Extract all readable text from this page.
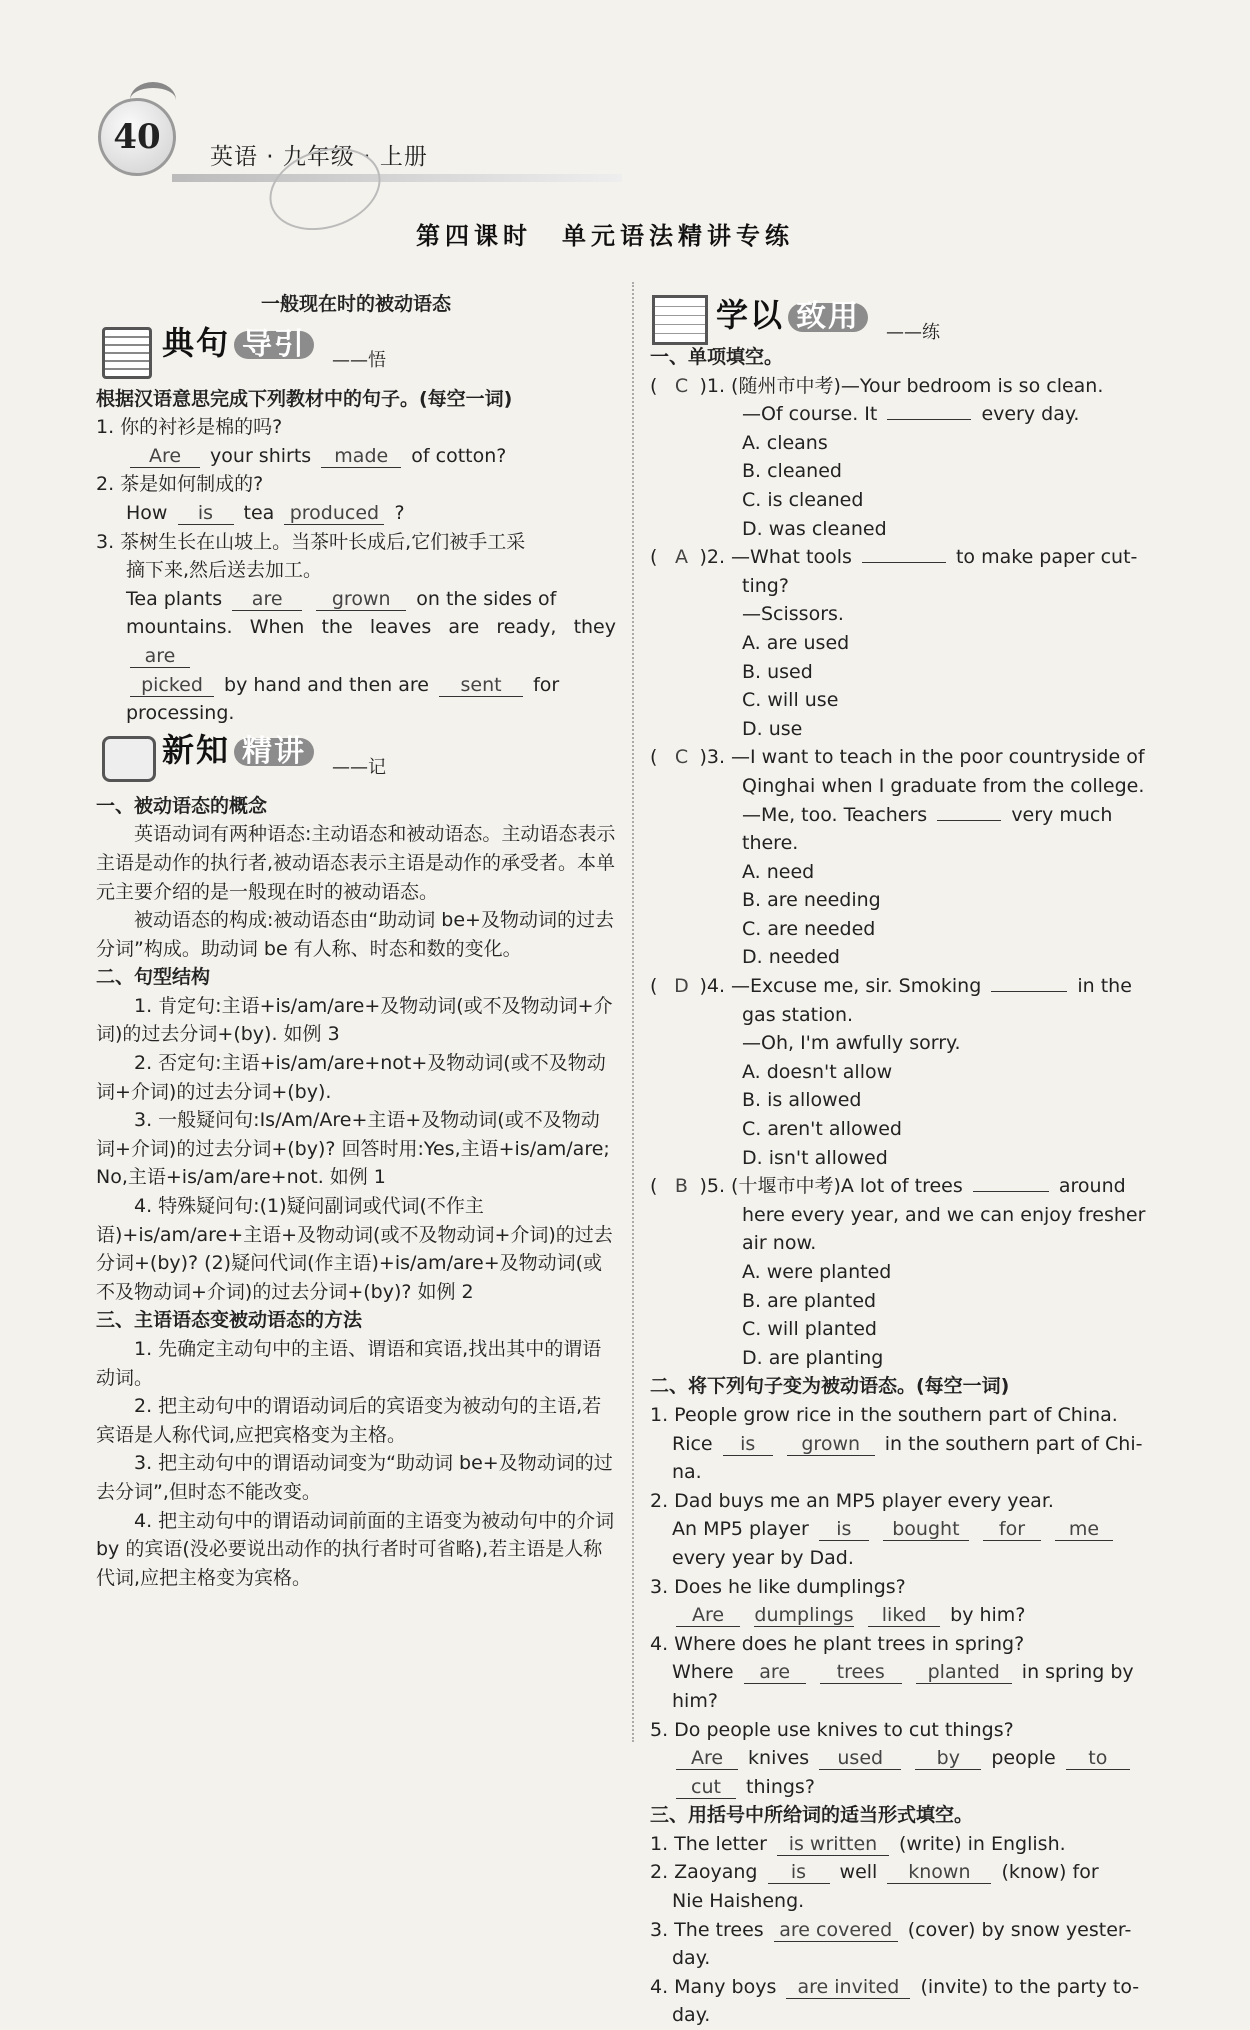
40	英语 · 九年级 · 上册
第四课时 单元语法精讲专练
一般现在时的被动语态
典句 导引	——悟
根据汉语意思完成下列教材中的句子。(每空一词)
1. 你的衬衫是棉的吗?
Are your shirts made of cotton?
2. 茶是如何制成的?
How is tea produced ?
3. 茶树生长在山坡上。当茶叶长成后,它们被手工采
摘下来,然后送去加工。
Tea plants are	grown on the sides of
mountains. When the leaves are ready, they are
picked by hand and then are sent for
processing.
新知 精讲	——记
一、被动语态的概念
英语动词有两种语态:主动语态和被动语态。主动语态表示主语是动作的执行者,被动语态表示主语是动作的承受者。本单元主要介绍的是一般现在时的被动语态。
被动语态的构成:被动语态由“助动词 be+及物动词的过去分词”构成。助动词 be 有人称、时态和数的变化。
二、句型结构
1. 肯定句:主语+is/am/are+及物动词(或不及物动词+介词)的过去分词+(by). 如例 3
2. 否定句:主语+is/am/are+not+及物动词(或不及物动词+介词)的过去分词+(by).
3. 一般疑问句:Is/Am/Are+主语+及物动词(或不及物动词+介词)的过去分词+(by)? 回答时用:Yes,主语+is/am/are; No,主语+is/am/are+not. 如例 1
4. 特殊疑问句:(1)疑问副词或代词(不作主语)+is/am/are+主语+及物动词(或不及物动词+介词)的过去分词+(by)? (2)疑问代词(作主语)+is/am/are+及物动词(或不及物动词+介词)的过去分词+(by)? 如例 2
三、主语语态变被动语态的方法
1. 先确定主动句中的主语、谓语和宾语,找出其中的谓语动词。
2. 把主动句中的谓语动词后的宾语变为被动句的主语,若宾语是人称代词,应把宾格变为主格。
3. 把主动句中的谓语动词变为“助动词 be+及物动词的过去分词”,但时态不能改变。
4. 把主动句中的谓语动词前面的主语变为被动句中的介词 by 的宾语(没必要说出动作的执行者时可省略),若主语是人称代词,应把主格变为宾格。
学以 致用	——练
一、单项填空。
( C )1. (随州市中考)—Your bedroom is so clean.
—Of course. It	every day.
A. cleansB. cleaned
C. is cleanedD. was cleaned
( A )2. —What tools	to make paper cut-
ting?
—Scissors.
A. are usedB. used
C. will useD. use
( C )3. —I want to teach in the poor countryside of
Qinghai when I graduate from the college.
—Me, too. Teachers	very much there.
A. needB. are needing
C. are neededD. needed
( D )4. —Excuse me, sir. Smoking	in the
gas station.
—Oh, I'm awfully sorry.
A. doesn't allowB. is allowed
C. aren't allowedD. isn't allowed
( B )5. (十堰市中考)A lot of trees	around
here every year, and we can enjoy fresher
air now.
A. were plantedB. are planted
C. will plantedD. are planting
二、将下列句子变为被动语态。(每空一词)
1. People grow rice in the southern part of China.
Rice is grown in the southern part of Chi-
na.
2. Dad buys me an MP5 player every year.
An MP5 player is bought for me
every year by Dad.
3. Does he like dumplings?
Are dumplings liked by him?
4. Where does he plant trees in spring?
Where are trees planted in spring by
him?
5. Do people use knives to cut things?
Are knives used	by people to
cut things?
三、用括号中所给词的适当形式填空。
1. The letter is written (write) in English.
2. Zaoyang is well known (know) for
Nie Haisheng.
3. The trees are covered (cover) by snow yester-
day.
4. Many boys are invited (invite) to the party to-
day.
